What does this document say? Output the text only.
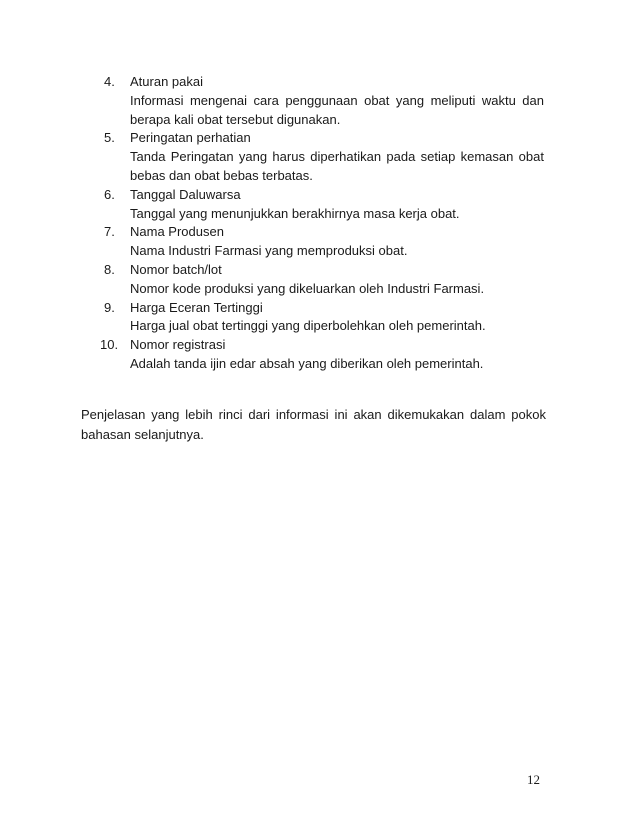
4.	Aturan pakai
Informasi mengenai cara penggunaan obat yang meliputi waktu dan berapa kali obat tersebut digunakan.
5.	Peringatan perhatian
Tanda Peringatan yang harus diperhatikan pada setiap kemasan obat bebas dan obat bebas terbatas.
6.	Tanggal Daluwarsa
Tanggal yang menunjukkan berakhirnya masa kerja obat.
7.	Nama Produsen
Nama Industri Farmasi yang memproduksi obat.
8.	Nomor batch/lot
Nomor kode produksi yang dikeluarkan oleh Industri Farmasi.
9.	Harga Eceran Tertinggi
Harga jual obat tertinggi yang diperbolehkan oleh pemerintah.
10. Nomor registrasi
Adalah tanda ijin edar absah yang diberikan oleh pemerintah.

Penjelasan yang lebih rinci dari informasi ini akan dikemukakan dalam pokok bahasan selanjutnya.

12
